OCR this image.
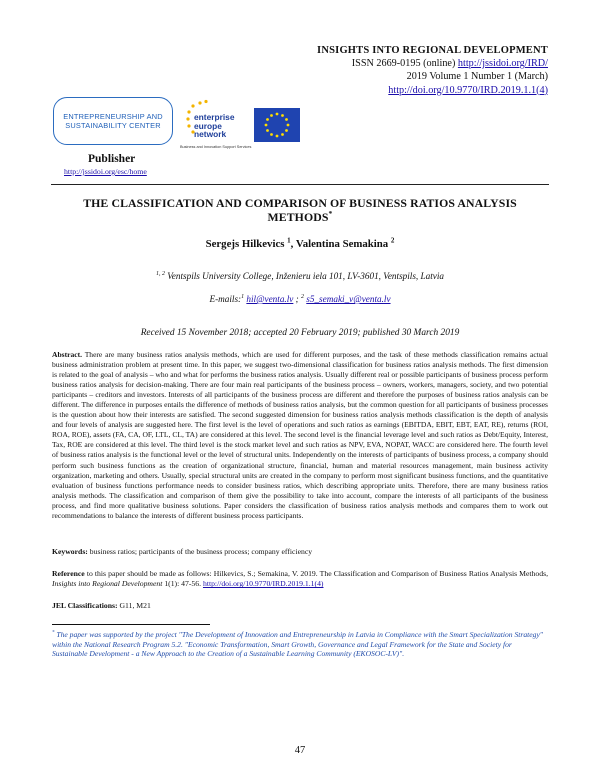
INSIGHTS INTO REGIONAL DEVELOPMENT
ISSN 2669-0195 (online) http://jssidoi.org/IRD/
2019 Volume 1 Number 1 (March)
http://doi.org/10.9770/IRD.2019.1.1(4)
ENTREPRENEURSHIP AND
SUSTAINABILITY CENTER
Publisher
http://jssidoi.org/esc/home
enterprise
europe
network
Business and Innovation Support Services
THE CLASSIFICATION AND COMPARISON OF BUSINESS RATIOS ANALYSIS
METHODS*
Sergejs Hilkevics $^1$, Valentina Semakina $^2$
$^{1, 2}$ Ventspils University College, Inženieru iela 101, LV-3601, Ventspils, Latvia
E-mails:$^1$ hil@venta.lv ; $^2$ s5_semaki_v@venta.lv
Received 15 November 2018; accepted 20 February 2019; published 30 March 2019
Abstract. There are many business ratios analysis methods, which are used for different purposes, and the task of these methods classification remains actual business administration problem at present time. In this paper, we suggest two-dimensional classification for business ratios analysis methods. The first dimension is related to the goal of analysis – who and what for performs the business ratios analysis. Usually different real or possible participants of business process perform business ratios analysis for decision-making. There are four main real participants of the business process – owners, workers, managers, society, and two potential participants – creditors and investors. Interests of all participants of the business process are different and therefore the purposes of business ratios analysis can be different. The difference in purposes entails the difference of methods of business ratios analysis, but the common question for all participants of business processes is the question about how their interests are satisfied. The second suggested dimension for business ratios analysis methods classification is the depth of analysis and four levels of analysis are suggested here. The first level is the level of operations and such ratios as earnings (EBITDA, EBIT, EBT, EAT, RE), returns (ROI, ROA, ROE), assets (FA, CA, OF, LTL, CL, TA) are considered at this level. The second level is the financial leverage level and such ratios as Debt/Equity, Interest, Tax, ROE are considered at this level. The third level is the stock market level and such ratios as NPV, EVA, NOPAT, WACC are considered here. The fourth level of business ratios analysis is the functional level or the level of structural units. Independently on the interests of participants of business process, a company should perform such business functions as the creation of organizational structure, financial, human and material resources management, main business activity organization, marketing and others. Usually, special structural units are created in the company to perform most significant business functions, and the quantitative evaluation of business functions performance needs to consider business ratios, which describing appropriate units. Therefore, there are many business ratios analysis methods. The classification and comparison of them give the possibility to take into account, compare the interests of all participants of the business process, and find more qualitative business solutions. Paper considers the classification of business ratios analysis methods and compares them to work out recommendations to balance the interests of different business process participants.
Keywords: business ratios; participants of the business process; company efficiency
Reference to this paper should be made as follows: Hilkevics, S.; Semakina, V. 2019. The Classification and Comparison of Business Ratios Analysis Methods, Insights into Regional Development 1(1): 47-56. http://doi.org/10.9770/IRD.2019.1.1(4)
JEL Classifications: G11, M21
* The paper was supported by the project "The Development of Innovation and Entrepreneurship in Latvia in Compliance with the Smart Specialization Strategy" within the National Research Program 5.2. "Economic Transformation, Smart Growth, Governance and Legal Framework for the State and Society for Sustainable Development - a New Approach to the Creation of a Sustainable Learning Community (EKOSOC-LV)".
47
